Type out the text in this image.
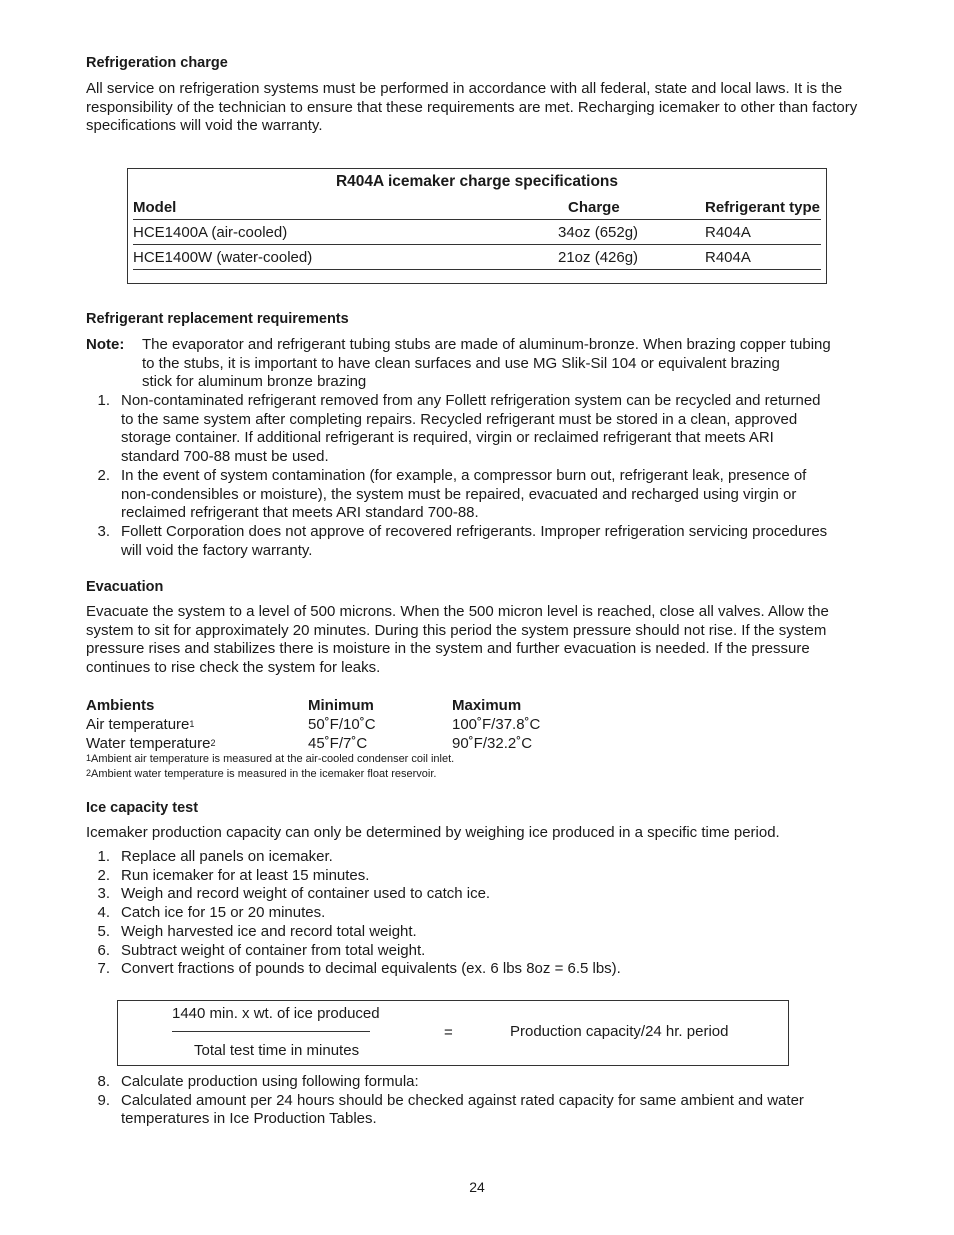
Refrigeration charge
All service on refrigeration systems must be performed in accordance with all federal, state and local laws. It is the responsibility of the technician to ensure that these requirements are met. Recharging icemaker to other than factory specifications will void the warranty.
R404A icemaker charge specifications
Model	Charge	Refrigerant type
HCE1400A (air-cooled)	34oz (652g)	R404A
HCE1400W (water-cooled)	21oz (426g)	R404A
Refrigerant replacement requirements
Note:	The evaporator and refrigerant tubing stubs are made of aluminum-bronze. When brazing copper tubing
to the stubs, it is important to have clean surfaces and use MG Slik-Sil 104 or equivalent brazing
stick for aluminum bronze brazing
1. Non-contaminated refrigerant removed from any Follett refrigeration system can be recycled and returned
to the same system after completing repairs. Recycled refrigerant must be stored in a clean, approved
storage container. If additional refrigerant is required, virgin or reclaimed refrigerant that meets ARI
standard 700-88 must be used.
2. In the event of system contamination (for example, a compressor burn out, refrigerant leak, presence of
non-condensibles or moisture), the system must be repaired, evacuated and recharged using virgin or
reclaimed refrigerant that meets ARI standard 700-88.
3. Follett Corporation does not approve of recovered refrigerants. Improper refrigeration servicing procedures
will void the factory warranty.
Evacuation
Evacuate the system to a level of 500 microns. When the 500 micron level is reached, close all valves. Allow the
system to sit for approximately 20 minutes. During this period the system pressure should not rise. If the system
pressure rises and stabilizes there is moisture in the system and further evacuation is needed. If the pressure
continues to rise check the system for leaks.
Ambients	Minimum	Maximum
Air temperature$^1$	50˚F/10˚C	100˚F/37.8˚C
Water temperature$^2$	45˚F/7˚C	90˚F/32.2˚C
$^1$Ambient air temperature is measured at the air-cooled condenser coil inlet.
$^2$Ambient water temperature is measured in the icemaker float reservoir.
Ice capacity test
Icemaker production capacity can only be determined by weighing ice produced in a specific time period.
1. Replace all panels on icemaker.
2. Run icemaker for at least 15 minutes.
3. Weigh and record weight of container used to catch ice.
4. Catch ice for 15 or 20 minutes.
5. Weigh harvested ice and record total weight.
6. Subtract weight of container from total weight.
7. Convert fractions of pounds to decimal equivalents (ex. 6 lbs 8oz = 6.5 lbs).
1440 min. x wt. of ice produced
Total test time in minutes
=	Production capacity/24 hr. period
8. Calculate production using following formula:
9. Calculated amount per 24 hours should be checked against rated capacity for same ambient and water
temperatures in Ice Production Tables.
24
